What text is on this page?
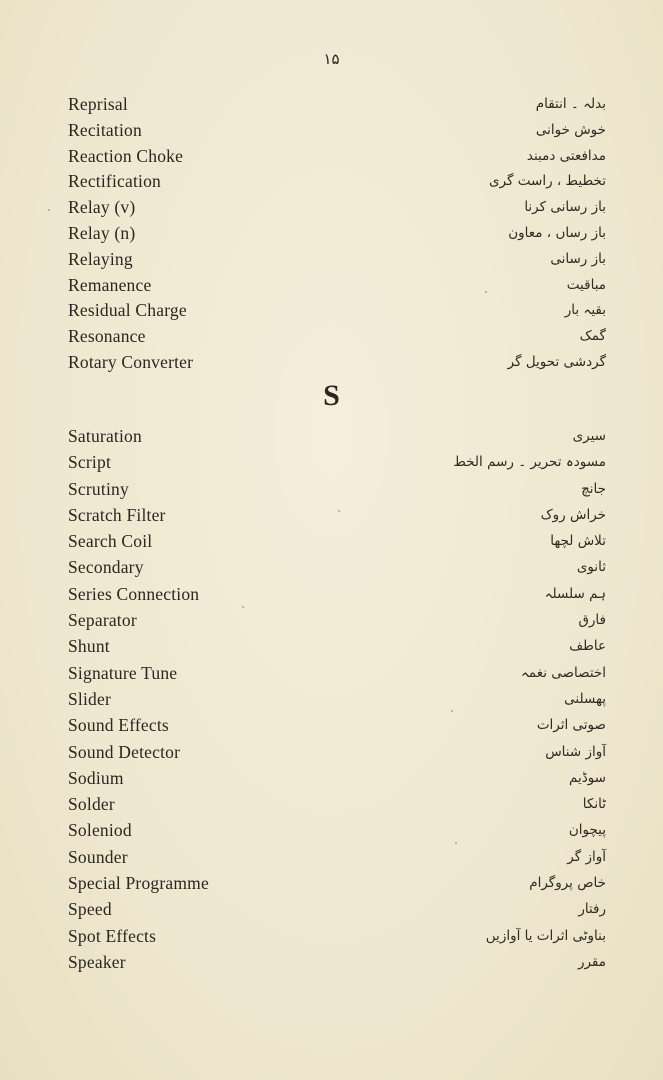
۱۵
Reprisal	بدلہ ۔ انتقام
Recitation	خوش خوانی
Reaction Choke	مدافعتی دمبند
Rectification	تخطیط ، راست گری
Relay (v)	باز رسانی کرنا
Relay (n)	باز رساں ، معاون
Relaying	باز رسانی
Remanence	مباقیت
Residual Charge	بقیہ بار
Resonance	گمک
Rotary Converter	گردشی تحویل گر
S
Saturation	سیری
Script	مسودہ تحریر ۔ رسم الخط
Scrutiny	جانچ
Scratch Filter	خراش روک
Search Coil	تلاش لچھا
Secondary	ثانوی
Series Connection	ہم سلسلہ
Separator	فارق
Shunt	عاطف
Signature Tune	اختصاصی نغمہ
Slider	پھسلنی
Sound Effects	صوتی اثرات
Sound Detector	آواز شناس
Sodium	سوڈیم
Solder	ٹانکا
Soleniod	پیچوان
Sounder	آواز گر
Special Programme	خاص پروگرام
Speed	رفتار
Spot Effects	بناوٹی اثرات یا آوازیں
Speaker	مقرر
